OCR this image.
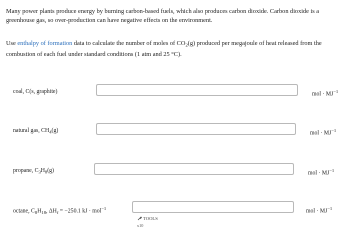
Many power plants produce energy by burning carbon-based fuels, which also produces carbon dioxide. Carbon dioxide is a greenhouse gas, so over-production can have negative effects on the environment.
Use enthalpy of formation data to calculate the number of moles of $CO_2(g)$ produced per megajoule of heat released from the combustion of each fuel under standard conditions (1 atm and 25 °C).
coal, C(s, graphite)	mol · $MJ^{-1}$
natural gas, $CH_4(g)$	mol · $MJ^{-1}$
propane, $C_3H_8(g)$	mol · $MJ^{-1}$
octane, $C_8H_{18}$, $\Delta H_f = -250.1$ kJ · mol$^{-1}$	mol · $MJ^{-1}$
TOOLS
x10
